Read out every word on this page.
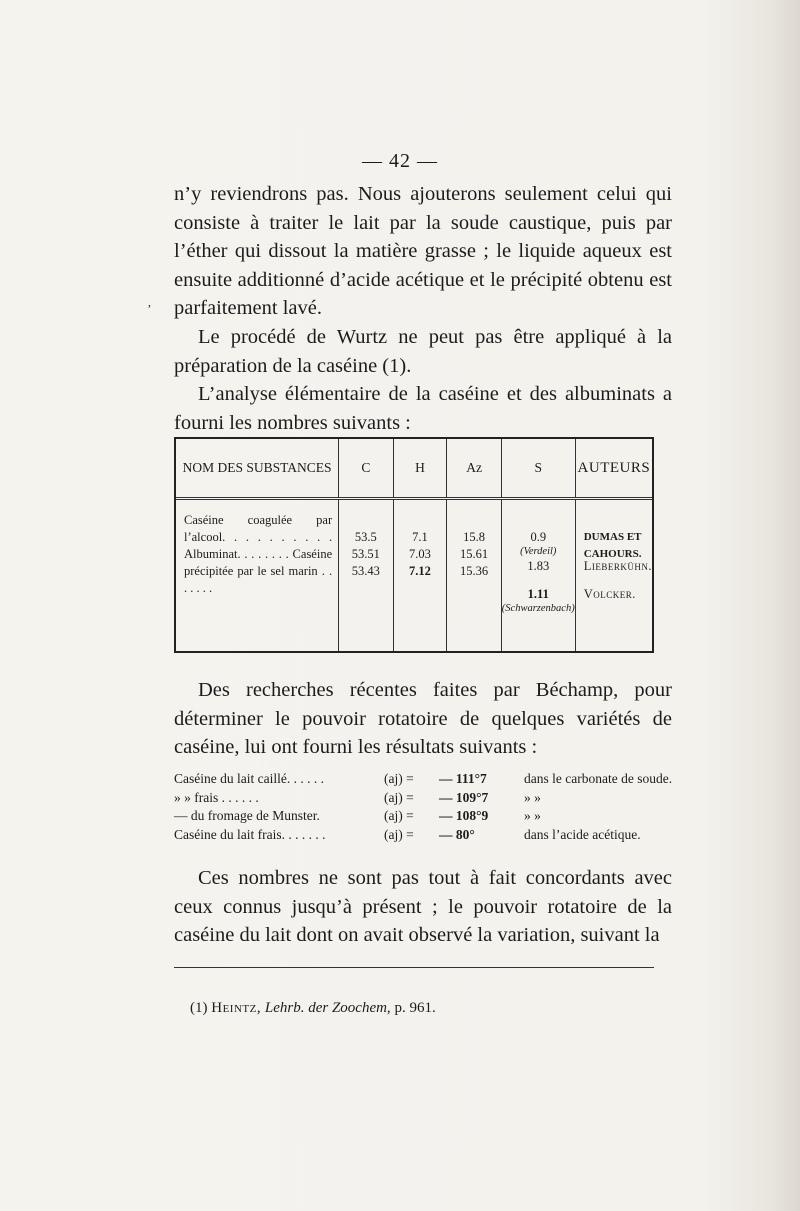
— 42 —

n’y reviendrons pas. Nous ajouterons seulement celui qui consiste à traiter le lait par la soude caustique, puis par l’éther qui dissout la matière grasse ; le liquide aqueux est ensuite additionné d’acide acétique et le précipité obtenu est parfaitement lavé.

Le procédé de Wurtz ne peut pas être appliqué à la préparation de la caséine (1).

L’analyse élémentaire de la caséine et des albuminats a fourni les nombres suivants :

,
NOM DES SUBSTANCES	C	H	Az	S	AUTEURS

Caséine coagulée par l’alcool. . . . . . . . . . Albuminat. . . . . . . . Caséine précipitée par le sel marin . . . . . . .	53.5
53.51
53.43	7.1
7.03
7.12	15.8
15.61
15.36	0.9
(Verdeil)
1.83
1.11
(Schwarzenbach)	DUMAS ET CAHOURS.
Lieberkühn.
Volcker.

Des recherches récentes faites par Béchamp, pour déterminer le pouvoir rotatoire de quelques variétés de caséine, lui ont fourni les résultats suivants :

Caséine du lait caillé. . . . . .	(aj) = — 111°7	dans le carbonate de soude.
» » frais . . . . . .	(aj) = — 109°7	» »
— du fromage de Munster.	(aj) = — 108°9	» »
Caséine du lait frais. . . . . . .	(aj) = — 80°	dans l’acide acétique.

Ces nombres ne sont pas tout à fait concordants avec ceux connus jusqu’à présent ; le pouvoir rotatoire de la caséine du lait dont on avait observé la variation, suivant la

(1) Heintz, Lehrb. der Zoochem, p. 961.
